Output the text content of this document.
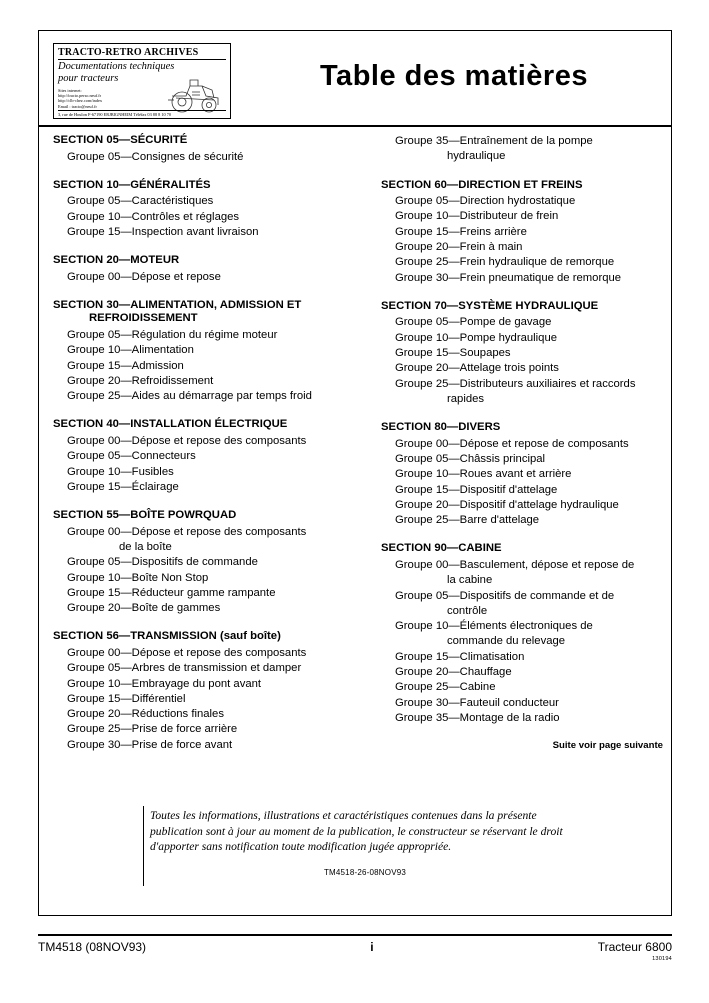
TRACTO-RETRO ARCHIVES
Documentations techniques
pour tracteurs
Sites internet:
http://tracto.perso.neuf.fr
http://clb-chez.com/index
Email : tracto@neuf.fr
3, rue de Houlon F-67190 ERJBIGNHEIM Téléfax 03 88 8 10 70
Table des matières
SECTION 05—SÉCURITÉ
Groupe 05—Consignes de sécurité
SECTION 10—GÉNÉRALITÉS
Groupe 05—Caractéristiques
Groupe 10—Contrôles et réglages
Groupe 15—Inspection avant livraison
SECTION 20—MOTEUR
Groupe 00—Dépose et repose
SECTION 30—ALIMENTATION, ADMISSION ET
REFROIDISSEMENT
Groupe 05—Régulation du régime moteur
Groupe 10—Alimentation
Groupe 15—Admission
Groupe 20—Refroidissement
Groupe 25—Aides au démarrage par temps froid
SECTION 40—INSTALLATION ÉLECTRIQUE
Groupe 00—Dépose et repose des composants
Groupe 05—Connecteurs
Groupe 10—Fusibles
Groupe 15—Éclairage
SECTION 55—BOÎTE POWRQUAD
Groupe 00—Dépose et repose des composants
de la boîte
Groupe 05—Dispositifs de commande
Groupe 10—Boîte Non Stop
Groupe 15—Réducteur gamme rampante
Groupe 20—Boîte de gammes
SECTION 56—TRANSMISSION (sauf boîte)
Groupe 00—Dépose et repose des composants
Groupe 05—Arbres de transmission et damper
Groupe 10—Embrayage du pont avant
Groupe 15—Différentiel
Groupe 20—Réductions finales
Groupe 25—Prise de force arrière
Groupe 30—Prise de force avant
Groupe 35—Entraînement de la pompe
hydraulique
SECTION 60—DIRECTION ET FREINS
Groupe 05—Direction hydrostatique
Groupe 10—Distributeur de frein
Groupe 15—Freins arrière
Groupe 20—Frein à main
Groupe 25—Frein hydraulique de remorque
Groupe 30—Frein pneumatique de remorque
SECTION 70—SYSTÈME HYDRAULIQUE
Groupe 05—Pompe de gavage
Groupe 10—Pompe hydraulique
Groupe 15—Soupapes
Groupe 20—Attelage trois points
Groupe 25—Distributeurs auxiliaires et raccords
rapides
SECTION 80—DIVERS
Groupe 00—Dépose et repose de composants
Groupe 05—Châssis principal
Groupe 10—Roues avant et arrière
Groupe 15—Dispositif d'attelage
Groupe 20—Dispositif d'attelage hydraulique
Groupe 25—Barre d'attelage
SECTION 90—CABINE
Groupe 00—Basculement, dépose et repose de
la cabine
Groupe 05—Dispositifs de commande et de
contrôle
Groupe 10—Éléments électroniques de
commande du relevage
Groupe 15—Climatisation
Groupe 20—Chauffage
Groupe 25—Cabine
Groupe 30—Fauteuil conducteur
Groupe 35—Montage de la radio
Suite voir page suivante
Toutes les informations, illustrations et caractéristiques contenues dans la présente publication sont à jour au moment de la publication, le constructeur se réservant le droit d'apporter sans notification toute modification jugée appropriée.
TM4518-26-08NOV93
TM4518 (08NOV93)	i	Tracteur 6800
130194
